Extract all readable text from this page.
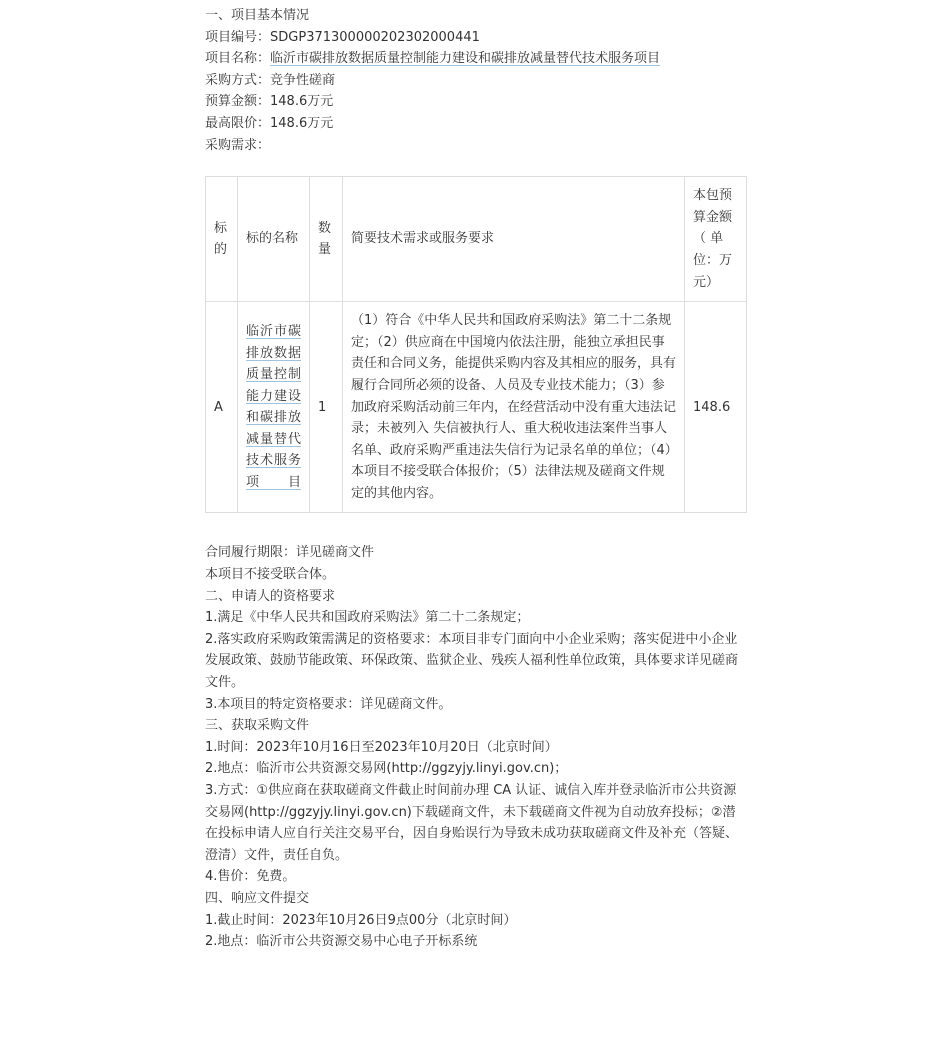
一、项目基本情况

项目编号：SDGP371300000202302000441

项目名称：临沂市碳排放数据质量控制能力建设和碳排放减量替代技术服务项目

采购方式：竞争性磋商

预算金额：148.6万元

最高限价：148.6万元

采购需求：

标的	标的名称	数量	简要技术需求或服务要求	本包预算金额（ 单位：万元）
A	临沂市碳排放数据质量控制能力建设和碳排放减量替代技术服务项目	1	（1）符合《中华人民共和国政府采购法》第二十二条规定；（2）供应商在中国境内依法注册，能独立承担民事责任和合同义务，能提供采购内容及其相应的服务，具有履行合同所必须的设备、人员及专业技术能力；（3）参加政府采购活动前三年内，在经营活动中没有重大违法记录；未被列入 失信被执行人、重大税收违法案件当事人名单、政府采购严重违法失信行为记录名单的单位；（4）本项目不接受联合体报价；（5）法律法规及磋商文件规定的其他内容。	148.6

合同履行期限：详见磋商文件

本项目不接受联合体。

二、申请人的资格要求

1.满足《中华人民共和国政府采购法》第二十二条规定；

2.落实政府采购政策需满足的资格要求：本项目非专门面向中小企业采购；落实促进中小企业发展政策、鼓励节能政策、环保政策、监狱企业、残疾人福利性单位政策，具体要求详见磋商文件。

3.本项目的特定资格要求：详见磋商文件。

三、获取采购文件

1.时间：2023年10月16日至2023年10月20日（北京时间）

2.地点：临沂市公共资源交易网(http://ggzyjy.linyi.gov.cn)；

3.方式：①供应商在获取磋商文件截止时间前办理 CA 认证、诚信入库并登录临沂市公共资源交易网(http://ggzyjy.linyi.gov.cn)下载磋商文件，未下载磋商文件视为自动放弃投标；②潜在投标申请人应自行关注交易平台，因自身贻误行为导致未成功获取磋商文件及补充（答疑、澄清）文件，责任自负。

4.售价：免费。

四、响应文件提交

1.截止时间：2023年10月26日9点00分（北京时间）

2.地点：临沂市公共资源交易中心电子开标系统
